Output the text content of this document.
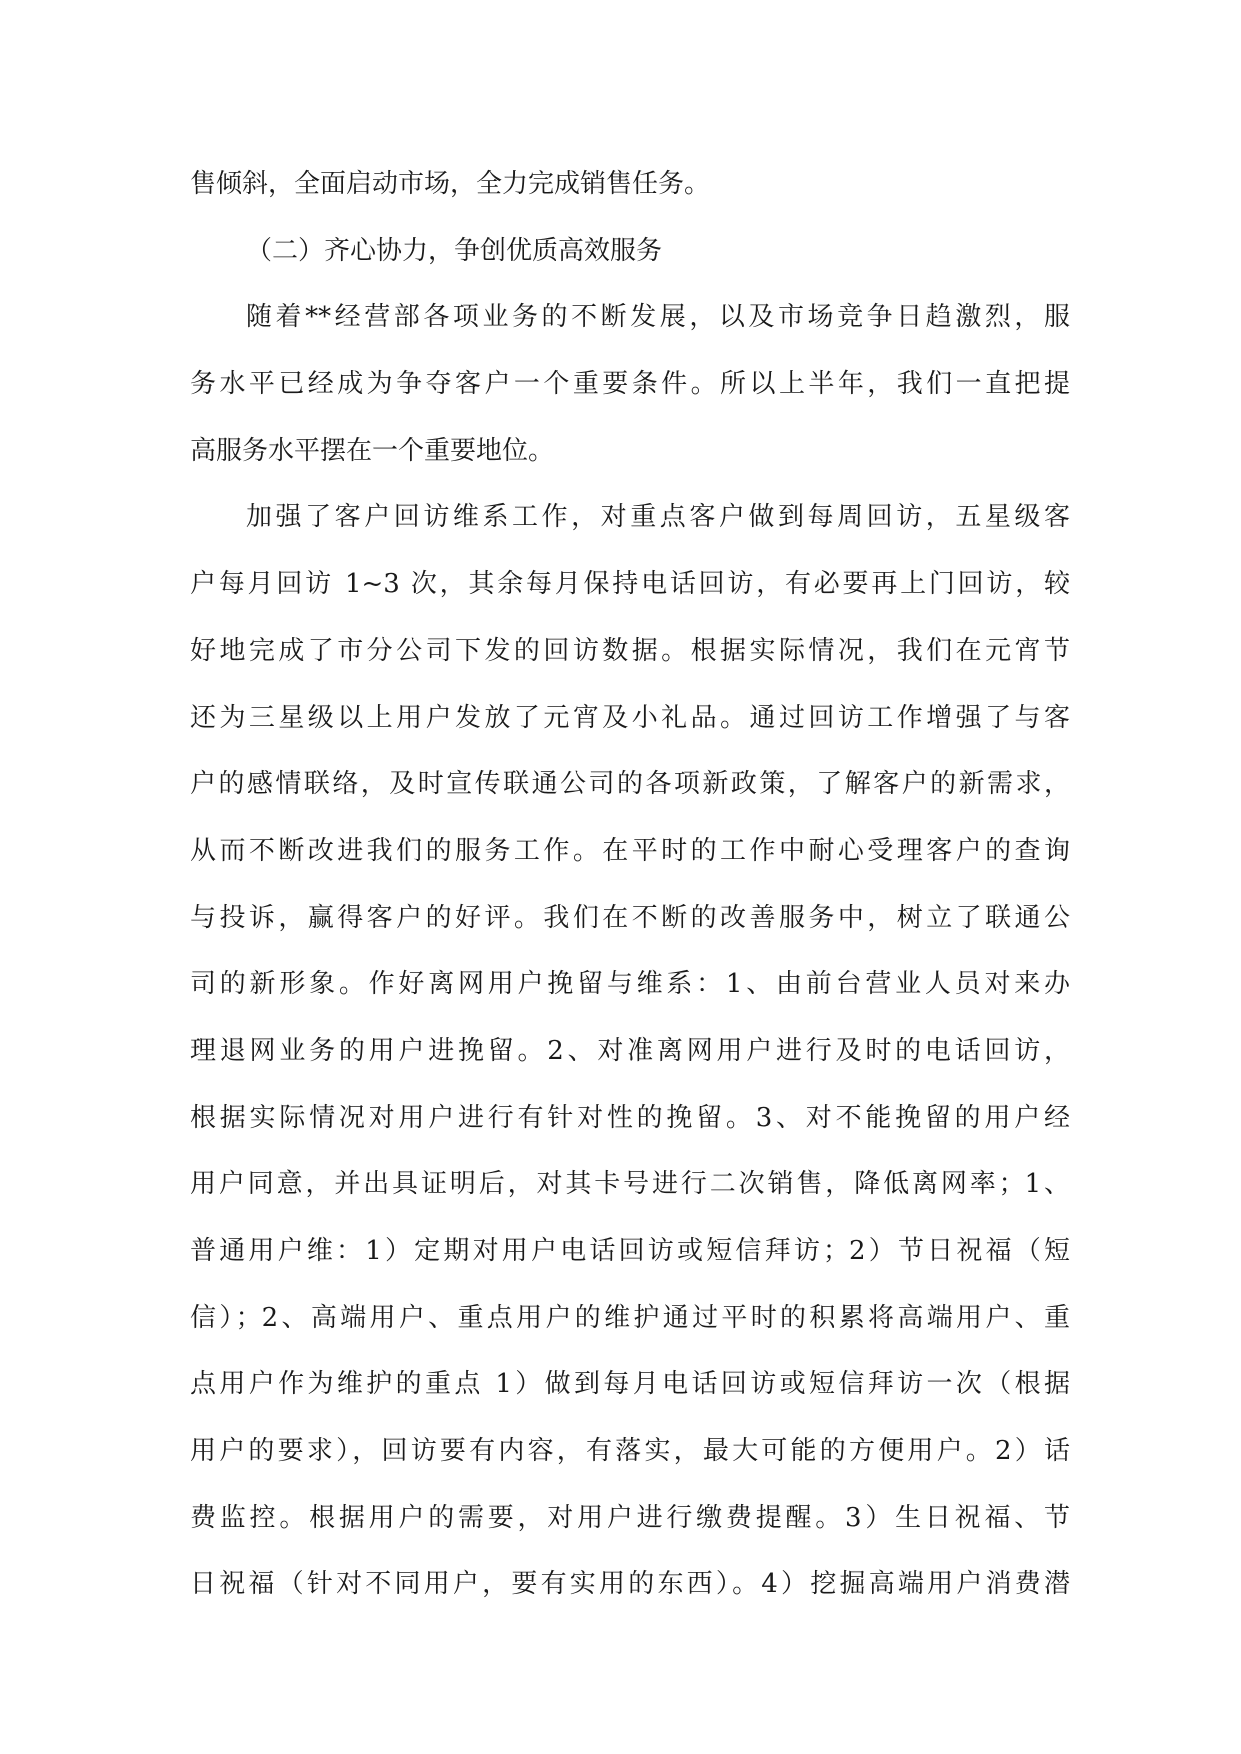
售倾斜，全面启动市场，全力完成销售任务。
（二）齐心协力，争创优质高效服务
随着**经营部各项业务的不断发展，以及市场竞争日趋激烈，服
务水平已经成为争夺客户一个重要条件。所以上半年，我们一直把提
高服务水平摆在一个重要地位。
加强了客户回访维系工作，对重点客户做到每周回访，五星级客
户每月回访 1~3 次，其余每月保持电话回访，有必要再上门回访，较
好地完成了市分公司下发的回访数据。根据实际情况，我们在元宵节
还为三星级以上用户发放了元宵及小礼品。通过回访工作增强了与客
户的感情联络，及时宣传联通公司的各项新政策，了解客户的新需求，
从而不断改进我们的服务工作。在平时的工作中耐心受理客户的查询
与投诉，赢得客户的好评。我们在不断的改善服务中，树立了联通公
司的新形象。作好离网用户挽留与维系：1、由前台营业人员对来办
理退网业务的用户进挽留。2、对准离网用户进行及时的电话回访，
根据实际情况对用户进行有针对性的挽留。3、对不能挽留的用户经
用户同意，并出具证明后，对其卡号进行二次销售，降低离网率；1、
普通用户维：1）定期对用户电话回访或短信拜访；2）节日祝福（短
信）；2、高端用户、重点用户的维护通过平时的积累将高端用户、重
点用户作为维护的重点 1）做到每月电话回访或短信拜访一次（根据
用户的要求），回访要有内容，有落实，最大可能的方便用户。2）话
费监控。根据用户的需要，对用户进行缴费提醒。3）生日祝福、节
日祝福（针对不同用户，要有实用的东西）。4）挖掘高端用户消费潜
